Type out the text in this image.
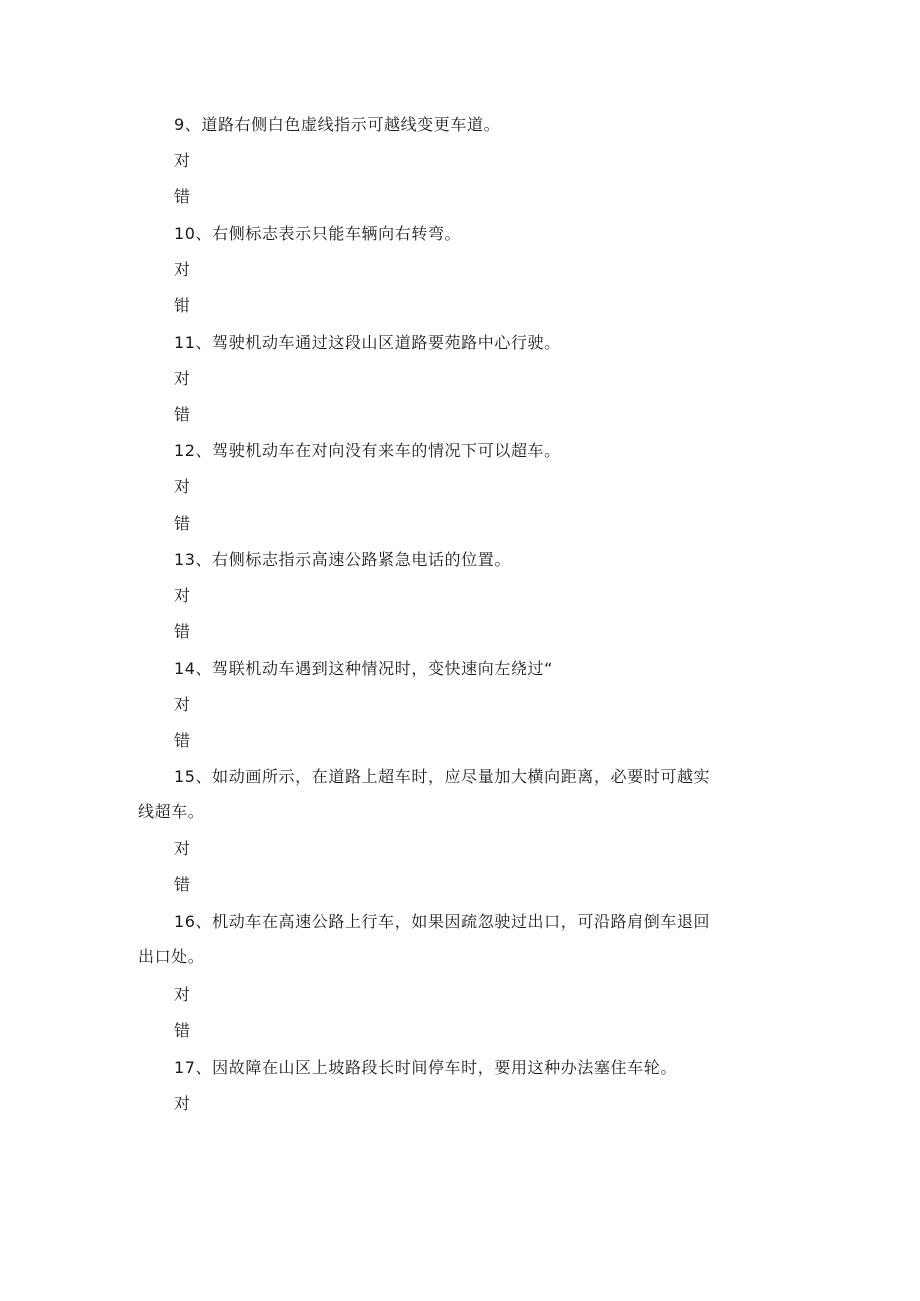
9、道路右侧白色虚线指示可越线变更车道。
对
错
10、右侧标志表示只能车辆向右转弯。
对
钳
11、驾驶机动车通过这段山区道路要苑路中心行驶。
对
错
12、驾驶机动车在对向没有来车的情况下可以超车。
对
错
13、右侧标志指示高速公路紧急电话的位置。
对
错
14、驾联机动车遇到这种情况时，变快速向左绕过“
对
错
15、如动画所示，在道路上超车时，应尽量加大横向距离，必要时可越实
线超车。
对
错
16、机动车在高速公路上行车，如果因疏忽驶过出口，可沿路肩倒车退回
出口处。
对
错
17、因故障在山区上坡路段长时间停车时，要用这种办法塞住车轮。
对
